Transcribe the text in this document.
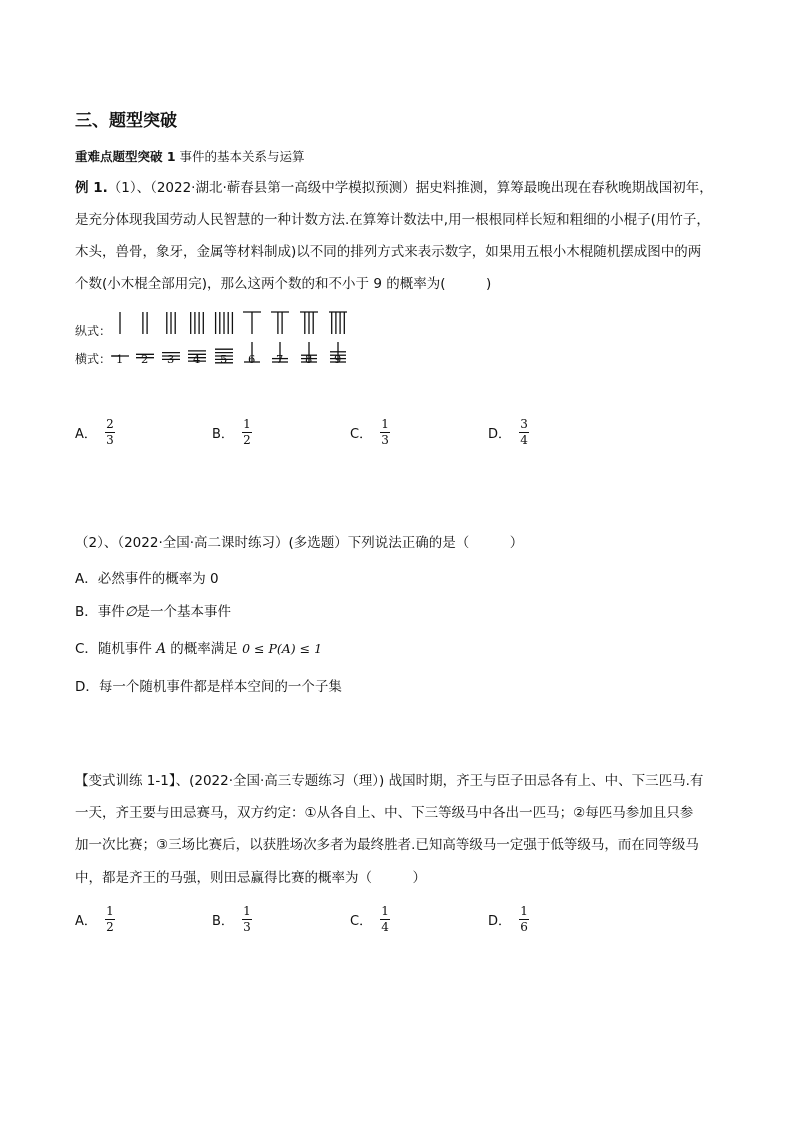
三、题型突破
重难点题型突破 1 事件的基本关系与运算
例 1.（1）、（2022·湖北·蕲春县第一高级中学模拟预测）据史料推测，算筹最晚出现在春秋晚期战国初年，
是充分体现我国劳动人民智慧的一种计数方法.在算筹计数法中,用一根根同样长短和粗细的小棍子(用竹子，
木头，兽骨，象牙，金属等材料制成)以不同的排列方式来表示数字，如果用五根小木棍随机摆成图中的两
个数(小木棍全部用完)，那么这两个数的和不小于 9 的概率为(　　　)
纵式：
横式： 1 2 3 4 5 6 7 8 9
A． $\frac{2}{3}$	B． $\frac{1}{2}$	C． $\frac{1}{3}$	D． $\frac{3}{4}$
（2）、（2022·全国·高二课时练习）(多选题）下列说法正确的是（　　　）
A．必然事件的概率为 0
B．事件∅是一个基本事件
C．随机事件 A 的概率满足 0 ≤ P(A) ≤ 1
D．每一个随机事件都是样本空间的一个子集
【变式训练 1-1】、(2022·全国·高三专题练习（理）) 战国时期，齐王与臣子田忌各有上、中、下三匹马.有
一天，齐王要与田忌赛马，双方约定：①从各自上、中、下三等级马中各出一匹马；②每匹马参加且只参
加一次比赛；③三场比赛后，以获胜场次多者为最终胜者.已知高等级马一定强于低等级马，而在同等级马
中，都是齐王的马强，则田忌赢得比赛的概率为（　　　）
A． $\frac{1}{2}$	B． $\frac{1}{3}$	C． $\frac{1}{4}$	D． $\frac{1}{6}$
